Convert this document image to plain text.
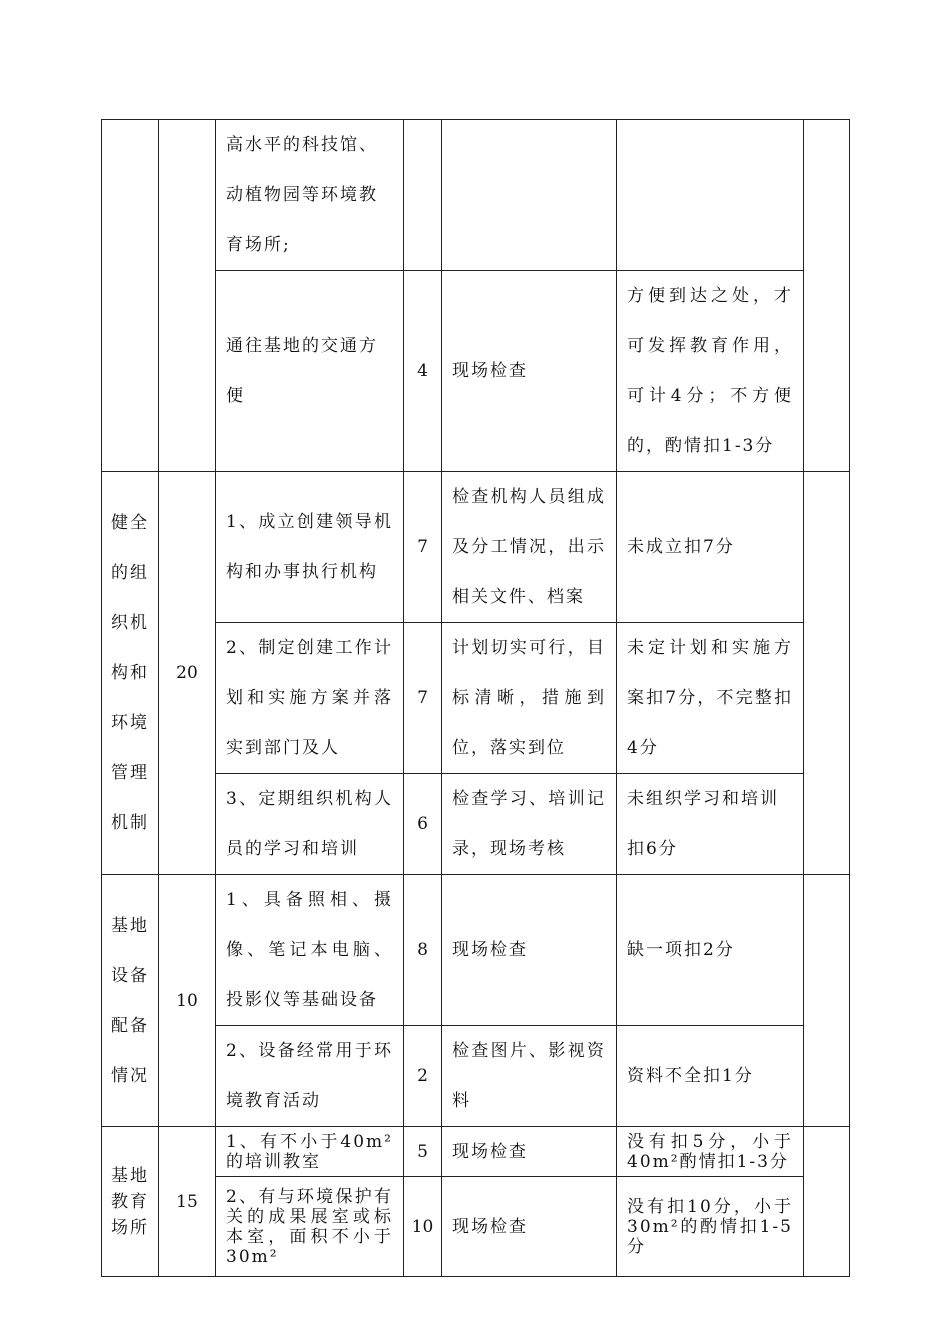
		高水平的科技馆、动植物园等环境教育场所;				

		通往基地的交通方便	4	现场检查	方便到达之处，才可发挥教育作用，可计4分；不方便的，酌情扣1-3分	

健全的组织机构和环境管理机制	20	1、成立创建领导机构和办事执行机构	7	检查机构人员组成及分工情况，出示相关文件、档案	未成立扣7分	

		2、制定创建工作计划和实施方案并落实到部门及人	7	计划切实可行，目标清晰，措施到位，落实到位	未定计划和实施方案扣7分，不完整扣4分	

		3、定期组织机构人员的学习和培训	6	检查学习、培训记录，现场考核	未组织学习和培训扣6分	

基地设备配备情况	10	1、具备照相、摄像、笔记本电脑、投影仪等基础设备	8	现场检查	缺一项扣2分	

		2、设备经常用于环境教育活动	2	检查图片、影视资料	资料不全扣1分	

基地教育场所	15	1、有不小于40m²的培训教室	5	现场检查	没有扣5分，小于40m²酌情扣1-3分	

		2、有与环境保护有关的成果展室或标本室，面积不小于30m²	10	现场检查	没有扣10分，小于30m²的酌情扣1-5分	
